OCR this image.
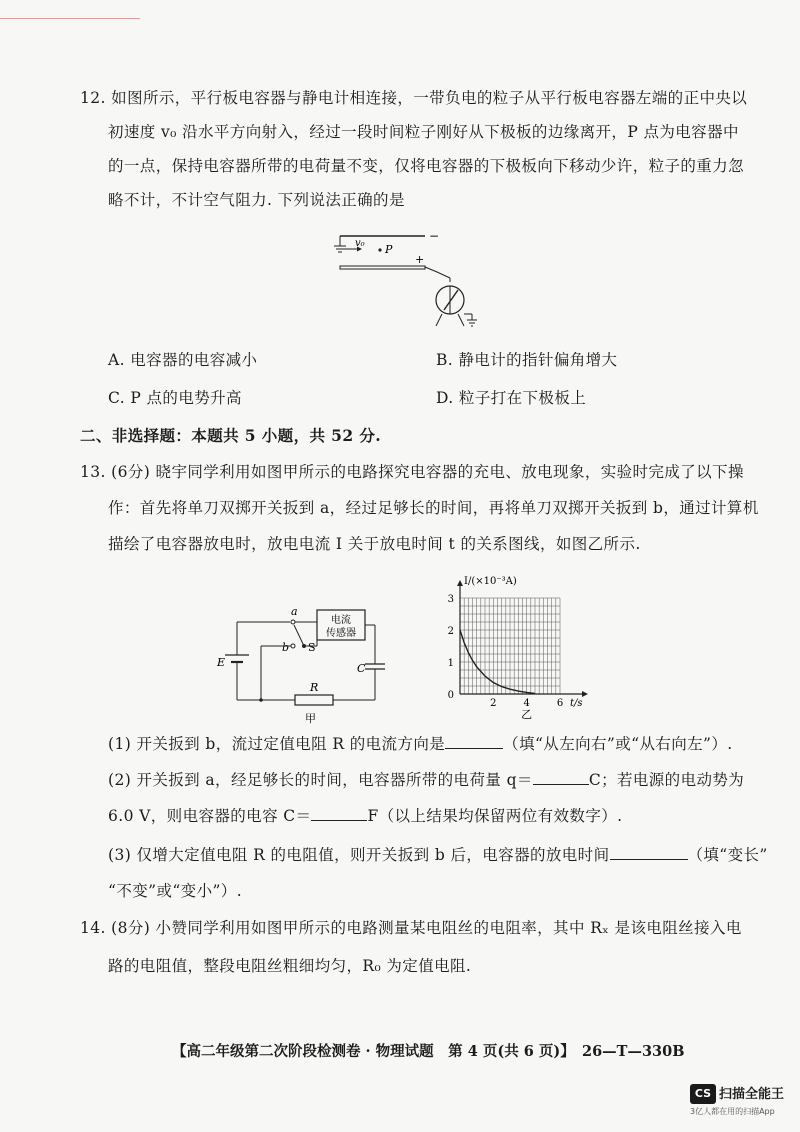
12. 如图所示，平行板电容器与静电计相连接，一带负电的粒子从平行板电容器左端的正中央以
初速度 v₀ 沿水平方向射入，经过一段时间粒子刚好从下极板的边缘离开，P 点为电容器中
的一点，保持电容器所带的电荷量不变，仅将电容器的下极板向下移动少许，粒子的重力忽
略不计，不计空气阻力. 下列说法正确的是
−
v₀ P
+
A. 电容器的电容减小	B. 静电计的指针偏角增大
C. P 点的电势升高	D. 粒子打在下极板上
二、非选择题：本题共 5 小题，共 52 分.
13. (6分) 晓宇同学利用如图甲所示的电路探究电容器的充电、放电现象，实验时完成了以下操
作：首先将单刀双掷开关扳到 a，经过足够长的时间，再将单刀双掷开关扳到 b，通过计算机
描绘了电容器放电时，放电电流 I 关于放电时间 t 的关系图线，如图乙所示.
E
a
电流
传感器
C
b S
R
甲
2	4	6
1
2
3
0
I/(×10⁻³A)
t/s
乙
(1) 开关扳到 b，流过定值电阻 R 的电流方向是	（填“从左向右”或“从右向左”）.
(2) 开关扳到 a，经足够长的时间，电容器所带的电荷量 q＝	C；若电源的电动势为
6.0 V，则电容器的电容 C＝	F（以上结果均保留两位有效数字）.
(3) 仅增大定值电阻 R 的电阻值，则开关扳到 b 后，电容器的放电时间	（填“变长”
“不变”或“变小”）.
14. (8分) 小赞同学利用如图甲所示的电路测量某电阻丝的电阻率，其中 Rₓ 是该电阻丝接入电
路的电阻值，整段电阻丝粗细均匀，R₀ 为定值电阻.
【高二年级第二次阶段检测卷 · 物理试题　第 4 页(共 6 页)】　26—T—330B
CS 扫描全能王
3亿人都在用的扫描App
